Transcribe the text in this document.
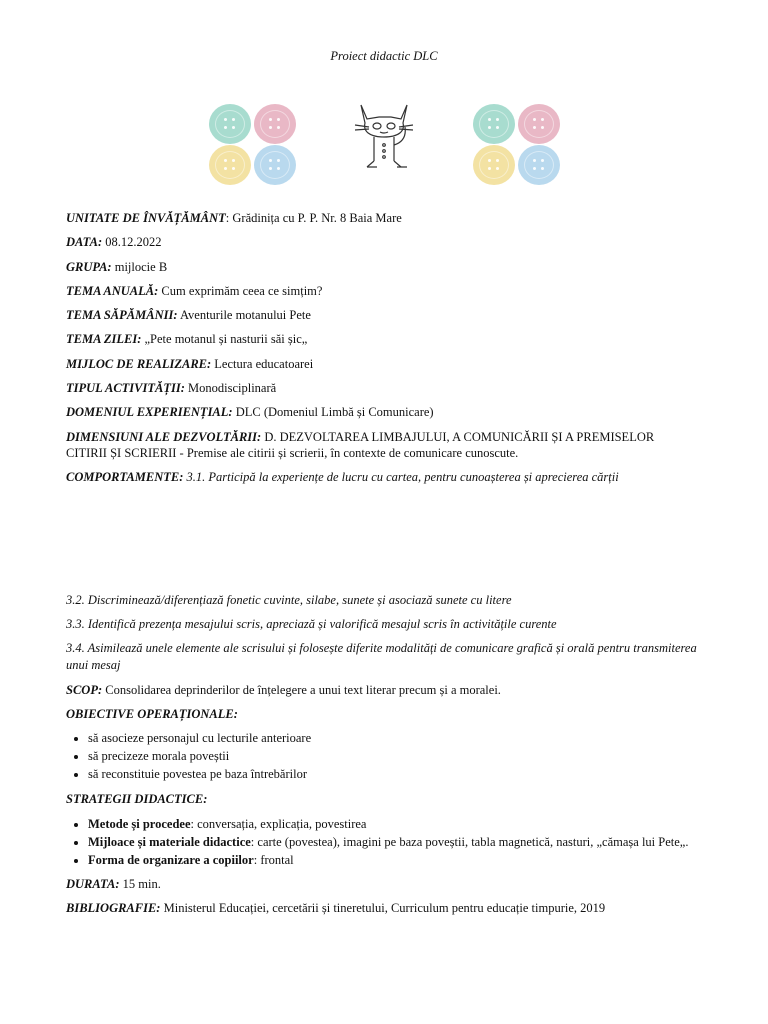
Proiect didactic DLC
UNITATE DE ÎNVĂȚĂMÂNT: Grădinița cu P. P. Nr. 8 Baia Mare
DATA: 08.12.2022
GRUPA: mijlocie B
TEMA ANUALĂ: Cum exprimăm ceea ce simțim?
TEMA SĂPĂMÂNII: Aventurile motanului Pete
TEMA ZILEI: „Pete motanul și nasturii săi șic„
MIJLOC DE REALIZARE: Lectura educatoarei
TIPUL ACTIVITĂȚII: Monodisciplinară
DOMENIUL EXPERIENȚIAL: DLC (Domeniul Limbă și Comunicare)
DIMENSIUNI ALE DEZVOLTĂRII: D. DEZVOLTAREA LIMBAJULUI, A COMUNICĂRII ȘI A PREMISELOR CITIRII ȘI SCRIERII - Premise ale citirii și scrierii, în contexte de comunicare cunoscute.
COMPORTAMENTE: 3.1. Participă la experiențe de lucru cu cartea, pentru cunoașterea și aprecierea cărții
3.2. Discriminează/diferențiază fonetic cuvinte, silabe, sunete și asociază sunete cu litere
3.3. Identifică prezența mesajului scris, apreciază și valorifică mesajul scris în activitățile curente
3.4. Asimilează unele elemente ale scrisului și folosește diferite modalități de comunicare grafică și orală pentru transmiterea unui mesaj
SCOP: Consolidarea deprinderilor de înțelegere a unui text literar precum și a moralei.
OBIECTIVE OPERAȚIONALE:
• să asocieze personajul cu lecturile anterioare
• să precizeze morala poveștii
• să reconstituie povestea pe baza întrebărilor
STRATEGII DIDACTICE:
• Metode și procedee: conversația, explicația, povestirea
• Mijloace și materiale didactice: carte (povestea), imagini pe baza poveștii, tabla magnetică, nasturi, „cămașa lui Pete„.
• Forma de organizare a copiilor: frontal
DURATA: 15 min.
BIBLIOGRAFIE: Ministerul Educației, cercetării și tineretului, Curriculum pentru educație timpurie, 2019
